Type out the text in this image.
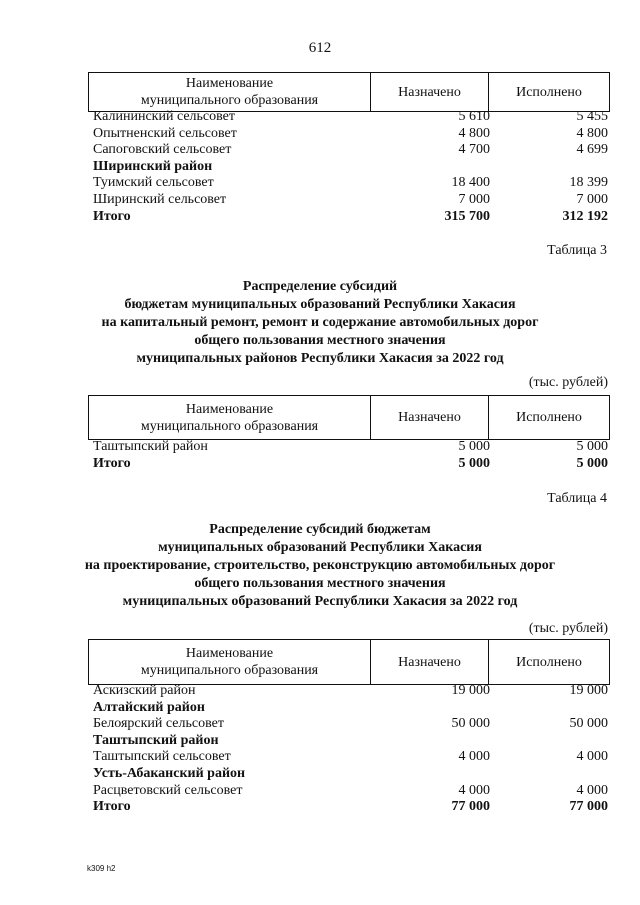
612
Наименование
муниципального образования	Назначено	Исполнено
Калининский сельсовет	5 610	5 455
Опытненский сельсовет	4 800	4 800
Сапоговский сельсовет	4 700	4 699
Ширинский район
Туимский сельсовет	18 400	18 399
Ширинский сельсовет	7 000	7 000
Итого	315 700	312 192
Таблица 3
Распределение субсидий
бюджетам муниципальных образований Республики Хакасия
на капитальный ремонт, ремонт и содержание автомобильных дорог
общего пользования местного значения
муниципальных районов Республики Хакасия за 2022 год
(тыс. рублей)
Наименование
муниципального образования	Назначено	Исполнено
Таштыпский район	5 000	5 000
Итого	5 000	5 000
Таблица 4
Распределение субсидий бюджетам
муниципальных образований Республики Хакасия
на проектирование, строительство, реконструкцию автомобильных дорог
общего пользования местного значения
муниципальных образований Республики Хакасия за 2022 год
(тыс. рублей)
Наименование
муниципального образования	Назначено	Исполнено
Аскизский район	19 000	19 000
Алтайский район
Белоярский сельсовет	50 000	50 000
Таштыпский район
Таштыпский сельсовет	4 000	4 000
Усть-Абаканский район
Расцветовский сельсовет	4 000	4 000
Итого	77 000	77 000
k309 h2
